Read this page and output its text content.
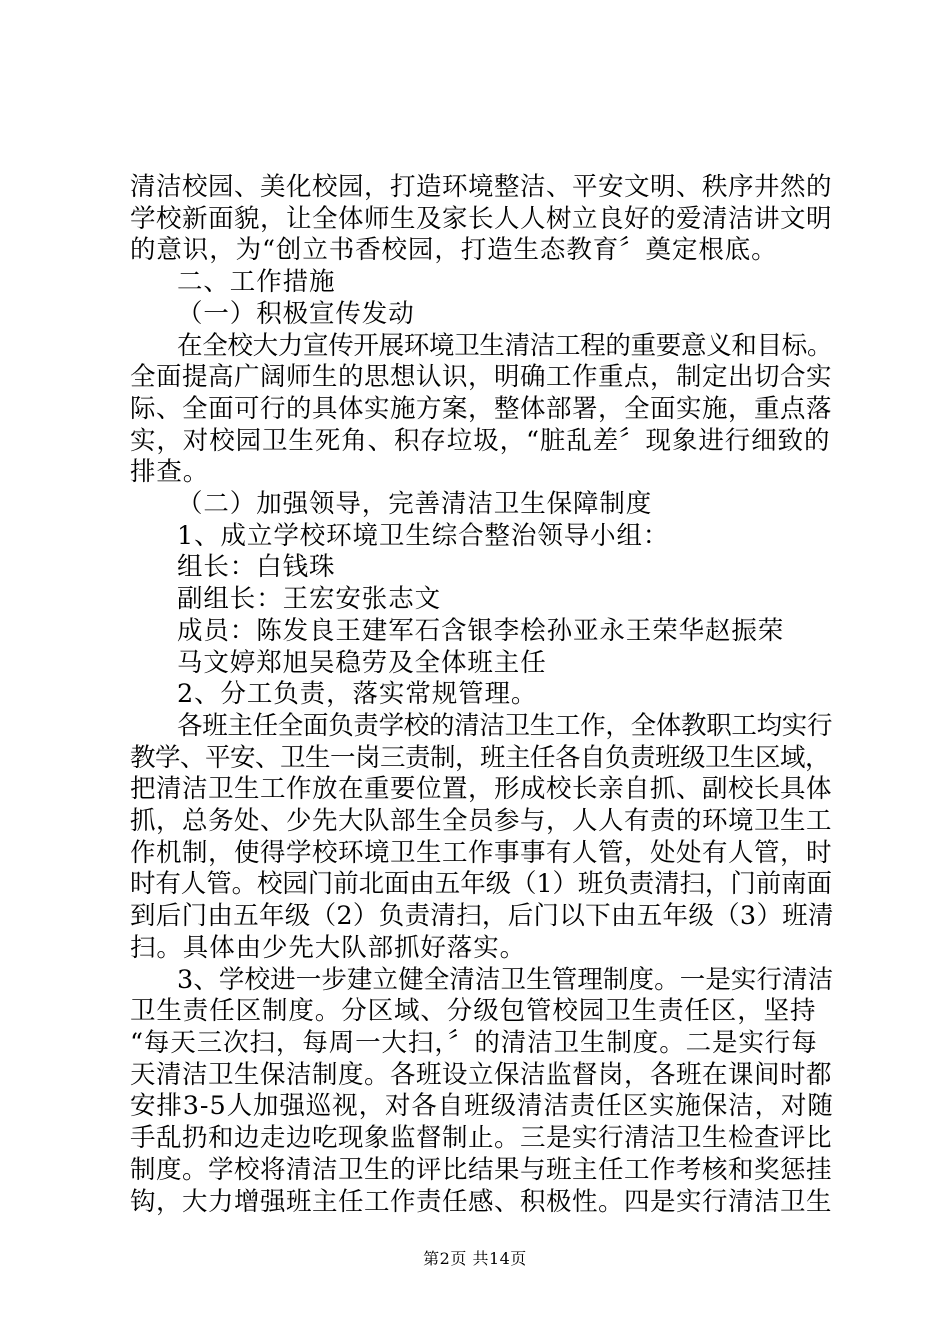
清洁校园、美化校园，打造环境整洁、平安文明、秩序井然的

学校新面貌，让全体师生及家长人人树立良好的爱清洁讲文明

的意识，为“创立书香校园，打造生态教育〞奠定根底。

二、工作措施

（一）积极宣传发动

在全校大力宣传开展环境卫生清洁工程的重要意义和目标。

全面提高广阔师生的思想认识，明确工作重点，制定出切合实

际、全面可行的具体实施方案，整体部署，全面实施，重点落

实，对校园卫生死角、积存垃圾，“脏乱差〞现象进行细致的

排查。

（二）加强领导，完善清洁卫生保障制度

1、成立学校环境卫生综合整治领导小组：

组长：白钱珠

副组长：王宏安张志文

成员：陈发良王建军石含银李桧孙亚永王荣华赵振荣

马文婷郑旭吴稳劳及全体班主任

2、分工负责，落实常规管理。

各班主任全面负责学校的清洁卫生工作，全体教职工均实行

教学、平安、卫生一岗三责制，班主任各自负责班级卫生区域，

把清洁卫生工作放在重要位置，形成校长亲自抓、副校长具体

抓，总务处、少先大队部生全员参与，人人有责的环境卫生工

作机制，使得学校环境卫生工作事事有人管，处处有人管，时

时有人管。校园门前北面由五年级（1）班负责清扫，门前南面

到后门由五年级（2）负责清扫，后门以下由五年级（3）班清

扫。具体由少先大队部抓好落实。

3、学校进一步建立健全清洁卫生管理制度。一是实行清洁

卫生责任区制度。分区域、分级包管校园卫生责任区，坚持

“每天三次扫，每周一大扫，〞的清洁卫生制度。二是实行每

天清洁卫生保洁制度。各班设立保洁监督岗，各班在课间时都

安排3-5人加强巡视，对各自班级清洁责任区实施保洁，对随

手乱扔和边走边吃现象监督制止。三是实行清洁卫生检查评比

制度。学校将清洁卫生的评比结果与班主任工作考核和奖惩挂

钩，大力增强班主任工作责任感、积极性。四是实行清洁卫生

第2页 共14页
